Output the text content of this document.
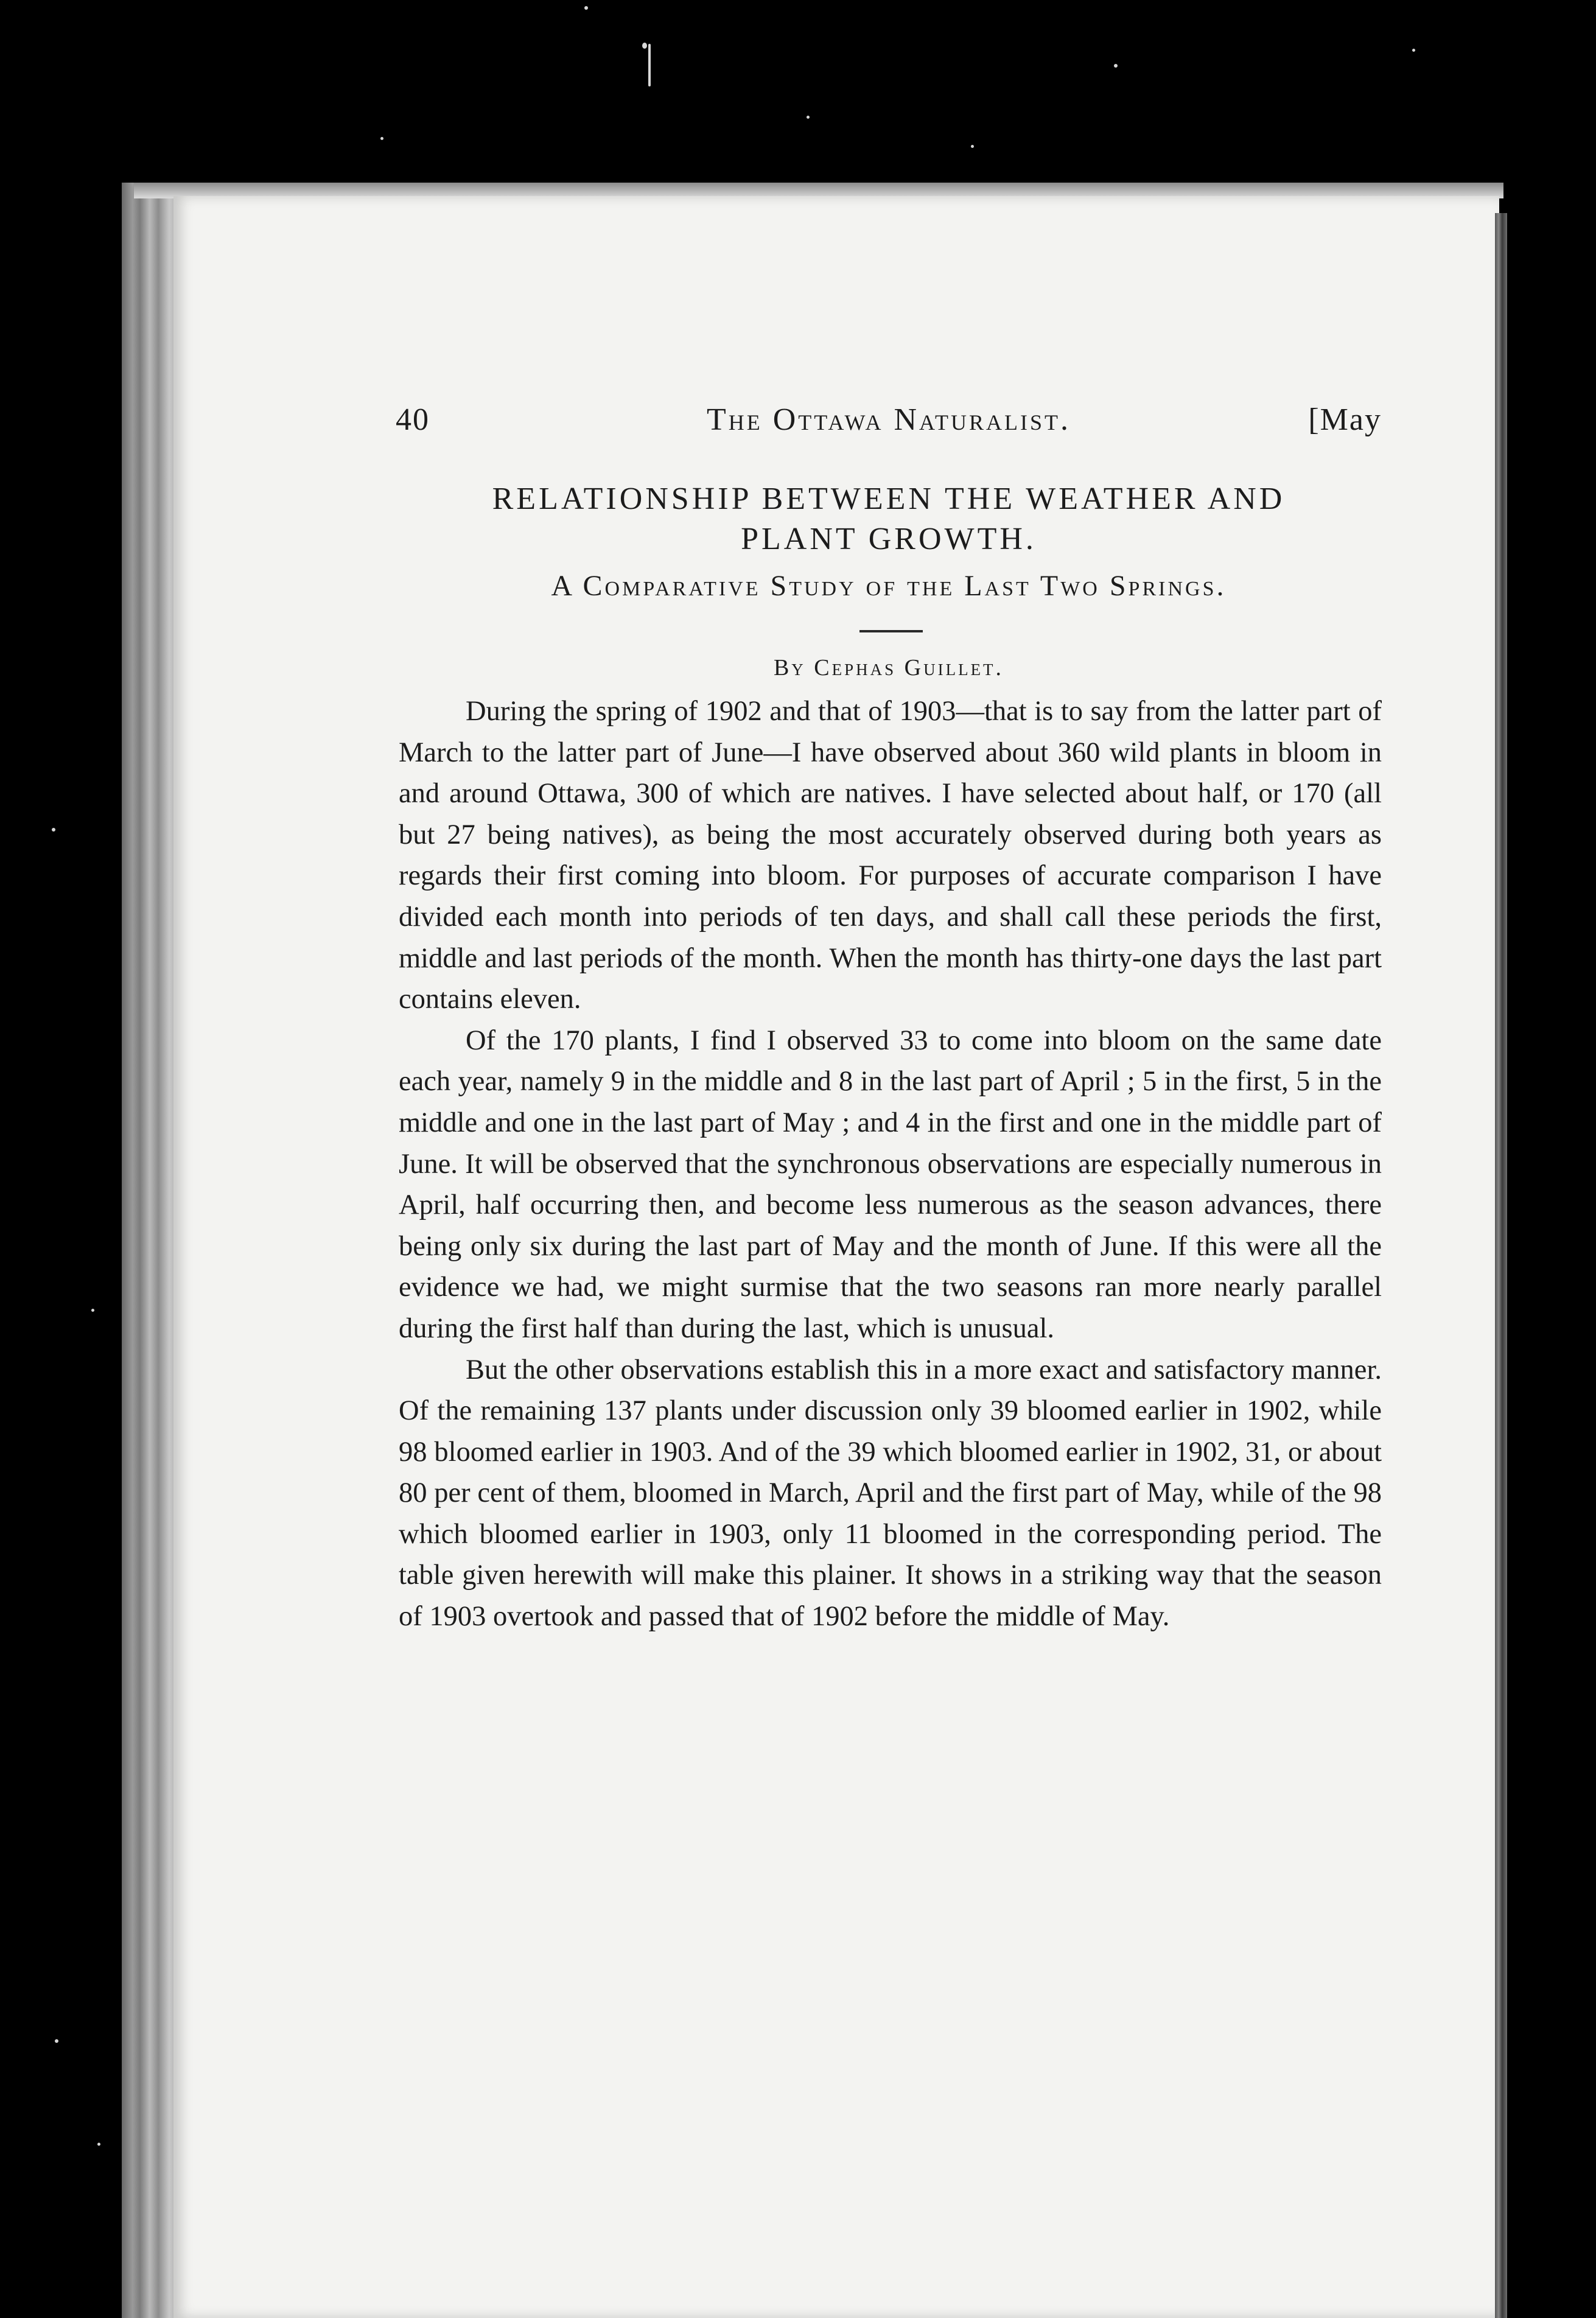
40	The Ottawa Naturalist.	[May
RELATIONSHIP BETWEEN THE WEATHER AND
PLANT GROWTH.
A Comparative Study of the Last Two Springs.
By Cephas Guillet.

During the spring of 1902 and that of 1903—that is to say from the latter part of March to the latter part of June—I have observed about 360 wild plants in bloom in and around Ottawa, 300 of which are natives. I have selected about half, or 170 (all but 27 being natives), as being the most accurately observed during both years as regards their first coming into bloom. For purposes of accurate comparison I have divided each month into periods of ten days, and shall call these periods the first, middle and last periods of the month. When the month has thirty-one days the last part contains eleven.

Of the 170 plants, I find I observed 33 to come into bloom on the same date each year, namely 9 in the middle and 8 in the last part of April ; 5 in the first, 5 in the middle and one in the last part of May ; and 4 in the first and one in the middle part of June. It will be observed that the synchronous observations are especially numerous in April, half occurring then, and become less numerous as the season advances, there being only six during the last part of May and the month of June. If this were all the evidence we had, we might surmise that the two seasons ran more nearly parallel during the first half than during the last, which is unusual.

But the other observations establish this in a more exact and satisfactory manner. Of the remaining 137 plants under discussion only 39 bloomed earlier in 1902, while 98 bloomed earlier in 1903. And of the 39 which bloomed earlier in 1902, 31, or about 80 per cent of them, bloomed in March, April and the first part of May, while of the 98 which bloomed earlier in 1903, only 11 bloomed in the corresponding period. The table given herewith will make this plainer. It shows in a striking way that the season of 1903 overtook and passed that of 1902 before the middle of May.
